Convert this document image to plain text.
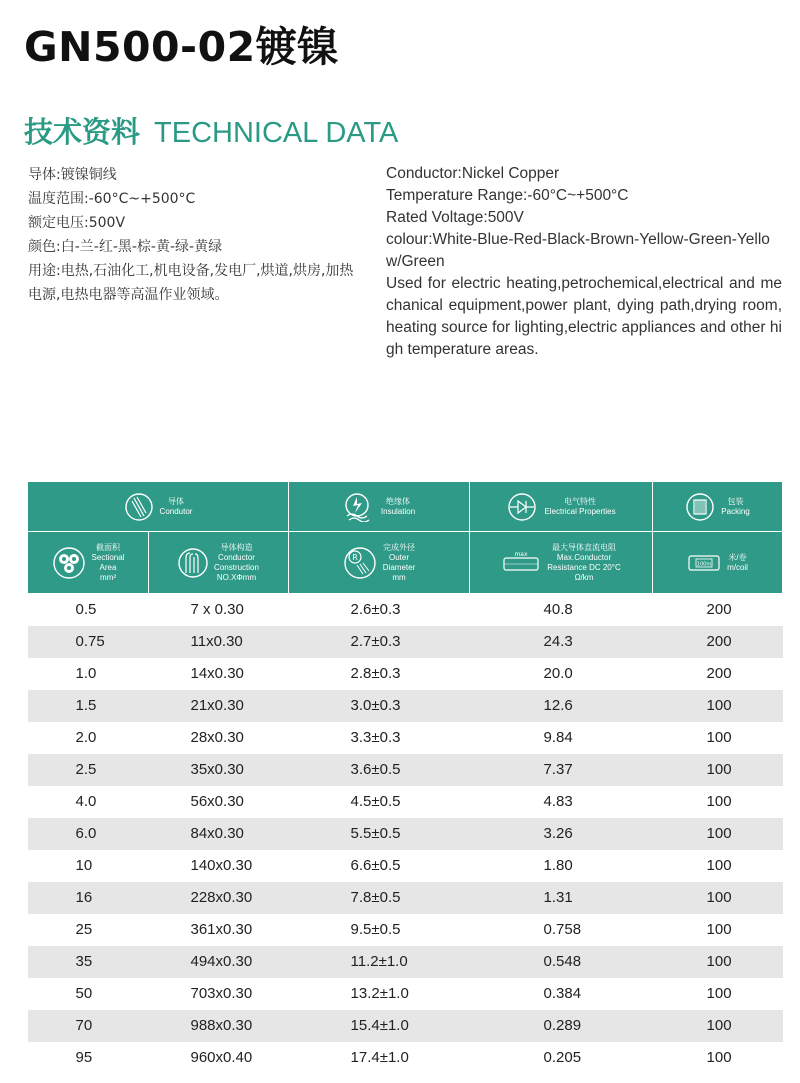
GN500-02镀镍
技术资料 TECHNICAL DATA
导体:镀镍铜线
温度范围:-60°C~+500°C
额定电压:500V
颜色:白-兰-红-黑-棕-黄-绿-黄绿
用途:电热,石油化工,机电设备,发电厂,烘道,烘房,加热电源,电热电器等高温作业领域。
Conductor:Nickel Copper
Temperature Range:-60°C~+500°C
Rated Voltage:500V
colour:White-Blue-Red-Black-Brown-Yellow-Green-Yellow/Green
Used for electric heating,petrochemical,electrical and mechanical equipment,power plant, dying path,drying room,heating source for lighting,electric appliances and other high temperature areas.
导体
Condutor		绝缘体
Insulation	电气特性
Electrical Properties	包装
Packing

截面积
Sectional
Area
mm²	导体构造
Conductor
Construction
NO.XΦmm	R
完成外径
Outer
Diameter
mm	max
最大导体直流电阻
Max.Conductor
Resistance DC 20°C
Ω/km	100m
米/卷
m/coil

0.5	7 x 0.30	2.6±0.3	40.8	200
0.75	11x0.30	2.7±0.3	24.3	200
1.0	14x0.30	2.8±0.3	20.0	200
1.5	21x0.30	3.0±0.3	12.6	100
2.0	28x0.30	3.3±0.3	9.84	100
2.5	35x0.30	3.6±0.5	7.37	100
4.0	56x0.30	4.5±0.5	4.83	100
6.0	84x0.30	5.5±0.5	3.26	100
10	140x0.30	6.6±0.5	1.80	100
16	228x0.30	7.8±0.5	1.31	100
25	361x0.30	9.5±0.5	0.758	100
35	494x0.30	11.2±1.0	0.548	100
50	703x0.30	13.2±1.0	0.384	100
70	988x0.30	15.4±1.0	0.289	100
95	960x0.40	17.4±1.0	0.205	100
